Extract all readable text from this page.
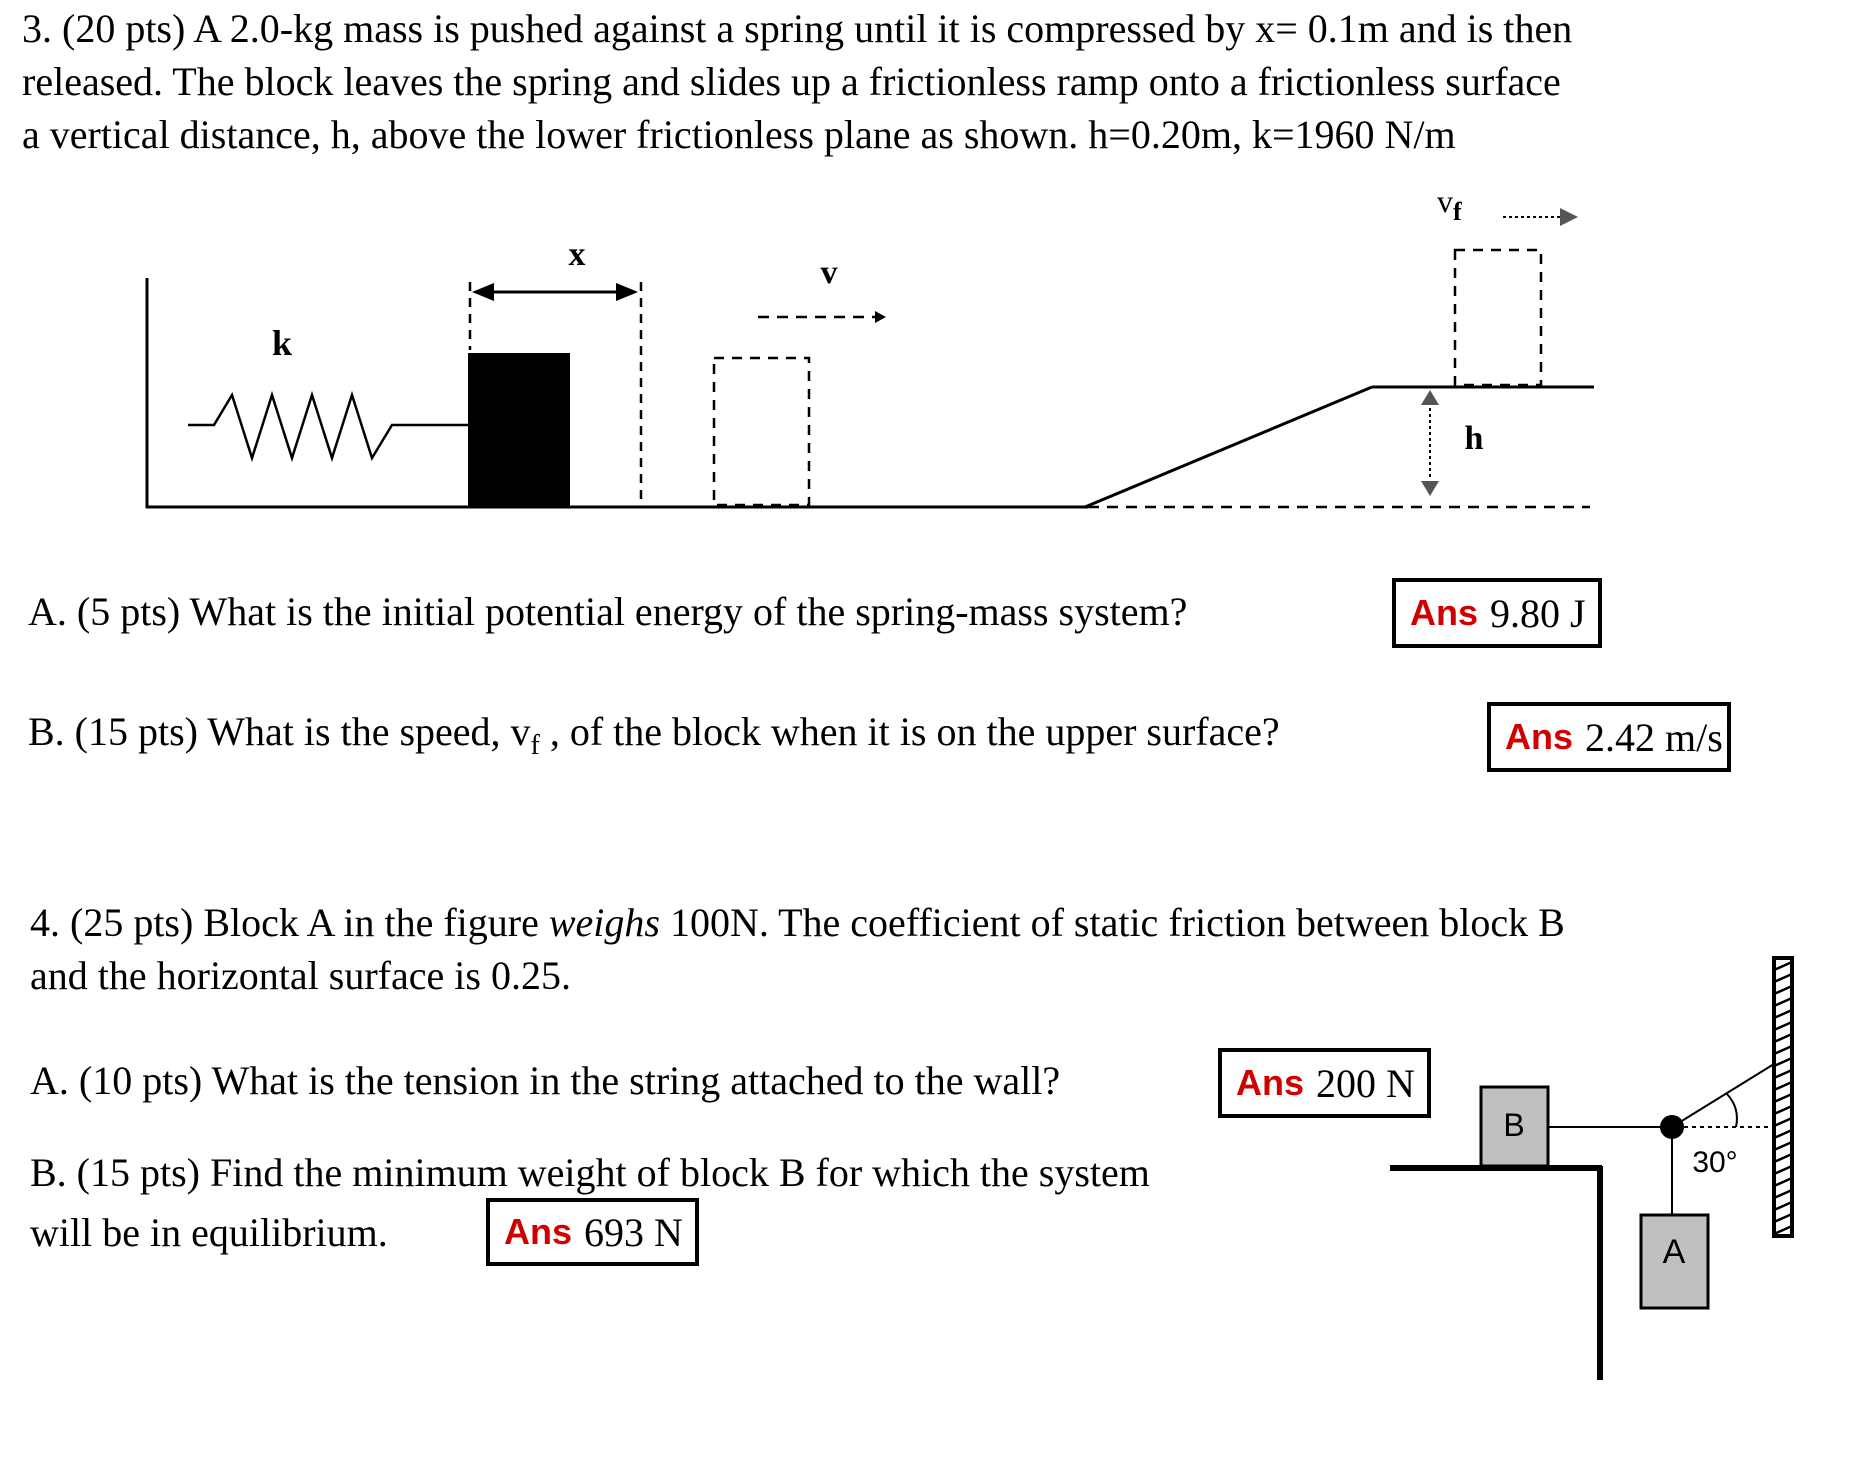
3. (20 pts) A 2.0-kg mass is pushed against a spring until it is compressed by x= 0.1m and is then
released. The block leaves the spring and slides up a frictionless ramp onto a frictionless surface
a vertical distance, h, above the lower frictionless plane as shown. h=0.20m, k=1960 N/m
k
x	v
h
$v_f$
A. (5 pts) What is the initial potential energy of the spring-mass system?	Ans 9.80 J
B. (15 pts) What is the speed, $v_f$ , of the block when it is on the upper surface?	Ans 2.42 m/s
4. (25 pts) Block A in the figure weighs 100N. The coefficient of static friction between block B
and the horizontal surface is 0.25.
A. (10 pts) What is the tension in the string attached to the wall?	Ans 200 N
B. (15 pts) Find the minimum weight of block B for which the system
will be in equilibrium.	Ans 693 N
B
30°
A
